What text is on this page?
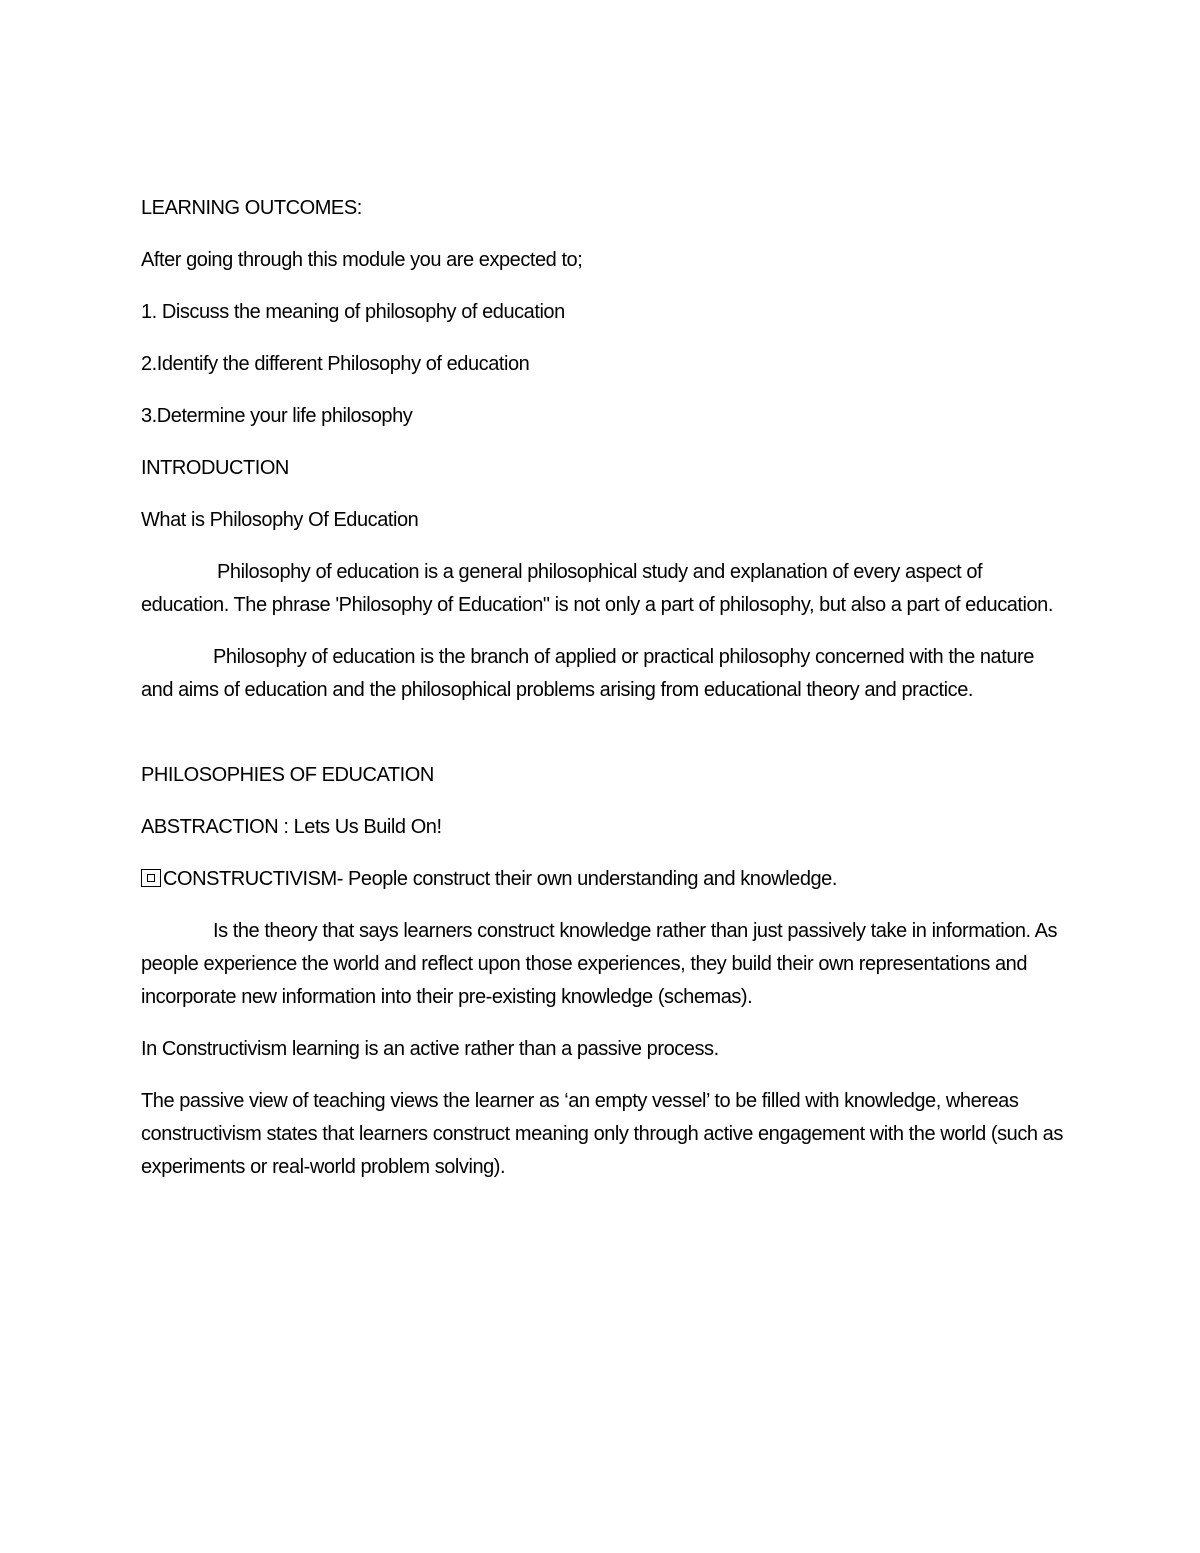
LEARNING OUTCOMES:
After going through this module you are expected to;
1. Discuss the meaning of philosophy of education
2.Identify the different Philosophy of education
3.Determine your life philosophy
INTRODUCTION
What is Philosophy Of Education
Philosophy of education is a general philosophical study and explanation of every aspect of education. The phrase 'Philosophy of Education" is not only a part of philosophy, but also a part of education.
Philosophy of education is the branch of applied or practical philosophy concerned with the nature and aims of education and the philosophical problems arising from educational theory and practice.
PHILOSOPHIES OF EDUCATION
ABSTRACTION : Lets Us Build On!
CONSTRUCTIVISM- People construct their own understanding and knowledge.
Is the theory that says learners construct knowledge rather than just passively take in information. As people experience the world and reflect upon those experiences, they build their own representations and incorporate new information into their pre-existing knowledge (schemas).
In Constructivism learning is an active rather than a passive process.
The passive view of teaching views the learner as ‘an empty vessel’ to be filled with knowledge, whereas constructivism states that learners construct meaning only through active engagement with the world (such as experiments or real-world problem solving).
